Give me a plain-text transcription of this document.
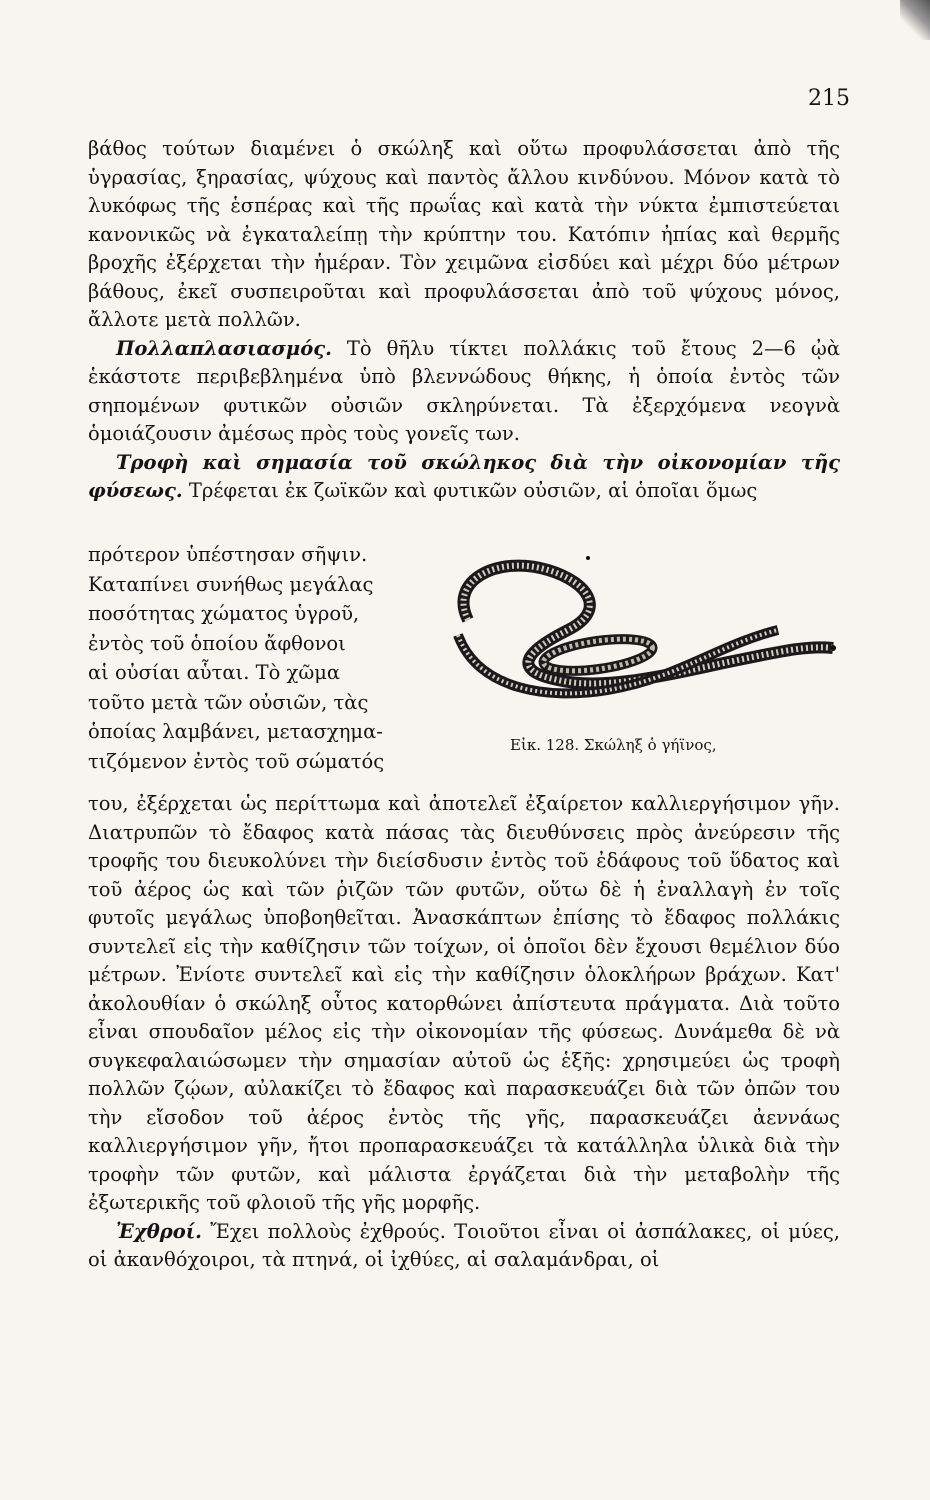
215

βάθος τούτων διαμένει ὁ σκώληξ καὶ οὕτω προφυλάσσεται ἀπὸ τῆς ὑγρασίας, ξηρασίας, ψύχους καὶ παντὸς ἄλλου κινδύνου. Μόνον κατὰ τὸ λυκόφως τῆς ἑσπέρας καὶ τῆς πρωΐας καὶ κατὰ τὴν νύκτα ἐμπιστεύεται κανονικῶς νὰ ἐγκαταλείπῃ τὴν κρύπτην του. Κατόπιν ἠπίας καὶ θερμῆς βροχῆς ἐξέρχεται τὴν ἡμέραν. Τὸν χειμῶνα εἰσδύει καὶ μέχρι δύο μέτρων βάθους, ἐκεῖ συσπειροῦται καὶ προφυλάσσεται ἀπὸ τοῦ ψύχους μόνος, ἄλλοτε μετὰ πολλῶν.

Πολλαπλασιασμός. Τὸ θῆλυ τίκτει πολλάκις τοῦ ἔτους 2—6 ᾠὰ ἑκάστοτε περιβεβλημένα ὑπὸ βλεννώδους θήκης, ἡ ὁποία ἐντὸς τῶν σηπομένων φυτικῶν οὐσιῶν σκληρύνεται. Τὰ ἐξερχόμενα νεογνὰ ὁμοιάζουσιν ἀμέσως πρὸς τοὺς γονεῖς των.

Τροφὴ καὶ σημασία τοῦ σκώληκος διὰ τὴν οἰκονομίαν τῆς φύσεως. Τρέφεται ἐκ ζωϊκῶν καὶ φυτικῶν οὐσιῶν, αἱ ὁποῖαι ὅμως

πρότερον ὑπέστησαν σῆψιν.
Καταπίνει συνήθως μεγάλας
ποσότητας χώματος ὑγροῦ,
ἐντὸς τοῦ ὁποίου ἄφθονοι
αἱ οὐσίαι αὗται. Τὸ χῶμα
τοῦτο μετὰ τῶν οὐσιῶν, τὰς
ὁποίας λαμβάνει, μετασχημα-
τιζόμενον ἐντὸς τοῦ σώματός
Εἰκ. 128. Σκώληξ ὁ γήϊνος,

του, ἐξέρχεται ὡς περίττωμα καὶ ἀποτελεῖ ἐξαίρετον καλλιεργήσιμον γῆν. Διατρυπῶν τὸ ἔδαφος κατὰ πάσας τὰς διευθύνσεις πρὸς ἀνεύρεσιν τῆς τροφῆς του διευκολύνει τὴν διείσδυσιν ἐντὸς τοῦ ἐδάφους τοῦ ὕδατος καὶ τοῦ ἀέρος ὡς καὶ τῶν ῥιζῶν τῶν φυτῶν, οὕτω δὲ ἡ ἐναλλαγὴ ἐν τοῖς φυτοῖς μεγάλως ὑποβοηθεῖται. Ἀνασκάπτων ἐπίσης τὸ ἔδαφος πολλάκις συντελεῖ εἰς τὴν καθίζησιν τῶν τοίχων, οἱ ὁποῖοι δὲν ἔχουσι θεμέλιον δύο μέτρων. Ἐνίοτε συντελεῖ καὶ εἰς τὴν καθίζησιν ὁλοκλήρων βράχων. Κατ' ἀκολουθίαν ὁ σκώληξ οὗτος κατορθώνει ἀπίστευτα πράγματα. Διὰ τοῦτο εἶναι σπουδαῖον μέλος εἰς τὴν οἰκονομίαν τῆς φύσεως. Δυνάμεθα δὲ νὰ συγκεφαλαιώσωμεν τὴν σημασίαν αὐτοῦ ὡς ἑξῆς: χρησιμεύει ὡς τροφὴ πολλῶν ζῴων, αὐλακίζει τὸ ἔδαφος καὶ παρασκευάζει διὰ τῶν ὀπῶν του τὴν εἴσοδον τοῦ ἀέρος ἐντὸς τῆς γῆς, παρασκευάζει ἀεννάως καλλιεργήσιμον γῆν, ἤτοι προπαρασκευάζει τὰ κατάλληλα ὑλικὰ διὰ τὴν τροφὴν τῶν φυτῶν, καὶ μάλιστα ἐργάζεται διὰ τὴν μεταβολὴν τῆς ἐξωτερικῆς τοῦ φλοιοῦ τῆς γῆς μορφῆς.

Ἐχθροί. Ἔχει πολλοὺς ἐχθρούς. Τοιοῦτοι εἶναι οἱ ἀσπάλακες, οἱ μύες, οἱ ἀκανθόχοιροι, τὰ πτηνά, οἱ ἰχθύες, αἱ σαλαμάνδραι, οἱ
